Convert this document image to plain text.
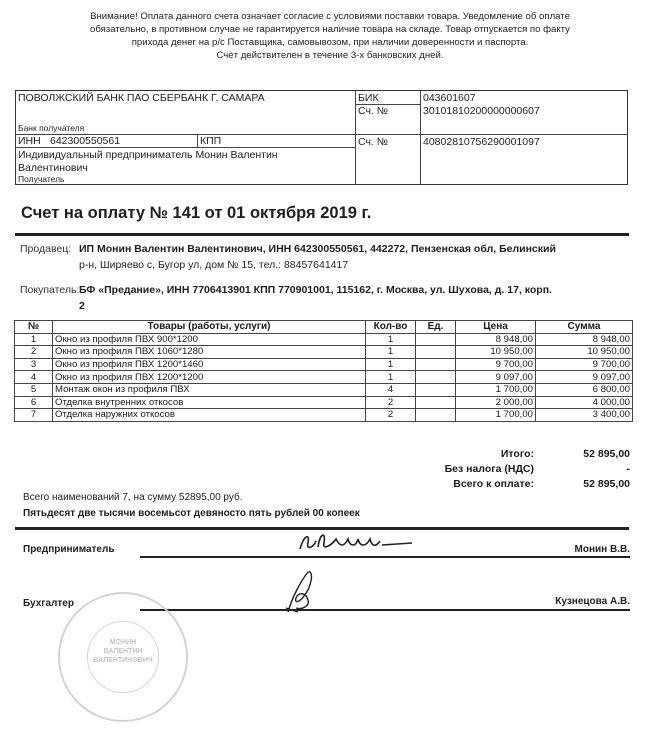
Внимание! Оплата данного счета означает согласие с условиями поставки товара. Уведомление об оплате
обязательно, в противном случае не гарантируется наличие товара на складе. Товар отпускается по факту
прихода денег на р/с Поставщика, самовывозом, при наличии доверенности и паспорта.
Счёт действителен в течение 3-х банковских дней.
ПОВОЛЖСКИЙ БАНК ПАО СБЕРБАНК Г. САМАРА
Банк получателя
ИНН 642300550561	КПП
Индивидуальный предприниматель Монин Валентин
Валентинович
Получатель
БИК	043601607
Сч. №	30101810200000000607
Сч. №	40802810756290001097
Счет на оплату № 141 от 01 октября 2019 г.
Продавец: ИП Монин Валентин Валентинович, ИНН 642300550561, 442272, Пензенская обл, Белинский
р-н, Ширяево с, Бугор ул, дом № 15, тел.: 88457641417
Покупатель: БФ «Предание», ИНН 7706413901 КПП 770901001, 115162, г. Москва, ул. Шухова, д. 17, корп.
2
№	Товары (работы, услуги)	Кол-во	Ед.	Цена	Сумма
1	Окно из профиля ПВХ 900*1200	1		8 948,00	8 948,00
2	Окно из профиля ПВХ 1060*1280	1		10 950,00	10 950,00
3	Окно из профиля ПВХ 1200*1460	1		9 700,00	9 700,00
4	Окно из профиля ПВХ 1200*1200	1		9 097,00	9 097,00
5	Монтаж окон из профиля ПВХ	4		1 700,00	6 800,00
6	Отделка внутренних откосов	2		2 000,00	4 000,00
7	Отделка наружних откосов	2		1 700,00	3 400,00
Итого:	52 895,00
Без налога (НДС)	-
Всего к оплате:	52 895,00
Всего наименований 7, на сумму 52895,00 руб.
Пятьдесят две тысячи восемьсот девяносто пять рублей 00 копеек
Предприниматель	Монин В.В.
Бухгалтер	Кузнецова А.В.
МОНИН
ВАЛЕНТИН
ВАЛЕНТИНОВИЧ
